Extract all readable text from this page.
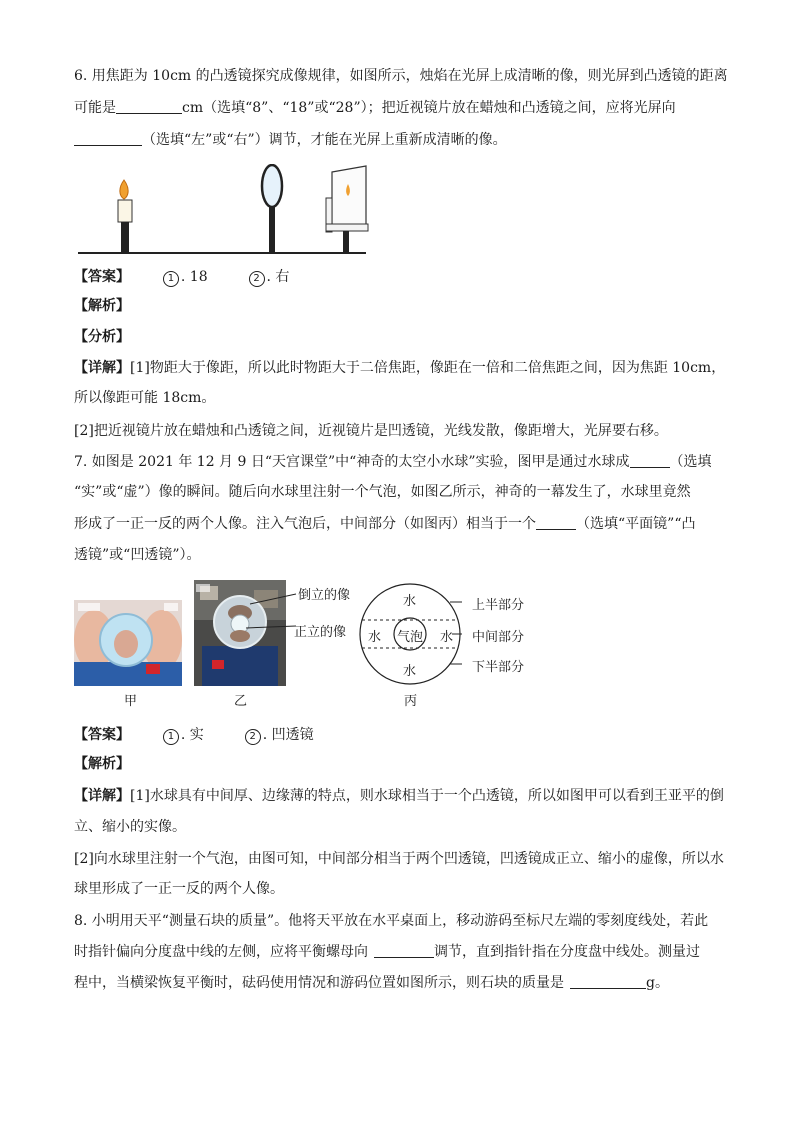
6. 用焦距为 10cm 的凸透镜探究成像规律，如图所示，烛焰在光屏上成清晰的像，则光屏到凸透镜的距离
可能是	cm（选填“8”、“18”或“28”）；把近视镜片放在蜡烛和凸透镜之间，应将光屏向
（选填“左”或“右”）调节，才能在光屏上重新成清晰的像。
【答案】	1 . 18	2 . 右
【解析】
【分析】
【详解】[1]物距大于像距，所以此时物距大于二倍焦距，像距在一倍和二倍焦距之间，因为焦距 10cm，
所以像距可能 18cm。
[2]把近视镜片放在蜡烛和凸透镜之间，近视镜片是凹透镜，光线发散，像距增大，光屏要右移。
7. 如图是 2021 年 12 月 9 日“天宫课堂”中“神奇的太空小水球”实验，图甲是通过水球成	（选填
“实”或“虚”）像的瞬间。随后向水球里注射一个气泡，如图乙所示，神奇的一幕发生了，水球里竟然
形成了一正一反的两个人像。注入气泡后，中间部分（如图丙）相当于一个	（选填“平面镜”“凸
透镜”或“凹透镜”）。
倒立的像
正立的像
水
水 气泡 水
水
上半部分
中间部分
下半部分
甲	乙	丙
【答案】	1 . 实	2 . 凹透镜
【解析】
【详解】[1]水球具有中间厚、边缘薄的特点，则水球相当于一个凸透镜，所以如图甲可以看到王亚平的倒
立、缩小的实像。
[2]向水球里注射一个气泡，由图可知，中间部分相当于两个凹透镜，凹透镜成正立、缩小的虚像，所以水
球里形成了一正一反的两个人像。
8. 小明用天平“测量石块的质量”。他将天平放在水平桌面上，移动游码至标尺左端的零刻度线处，若此
时指针偏向分度盘中线的左侧，应将平衡螺母向	调节，直到指针指在分度盘中线处。测量过
程中，当横梁恢复平衡时，砝码使用情况和游码位置如图所示，则石块的质量是	g。
